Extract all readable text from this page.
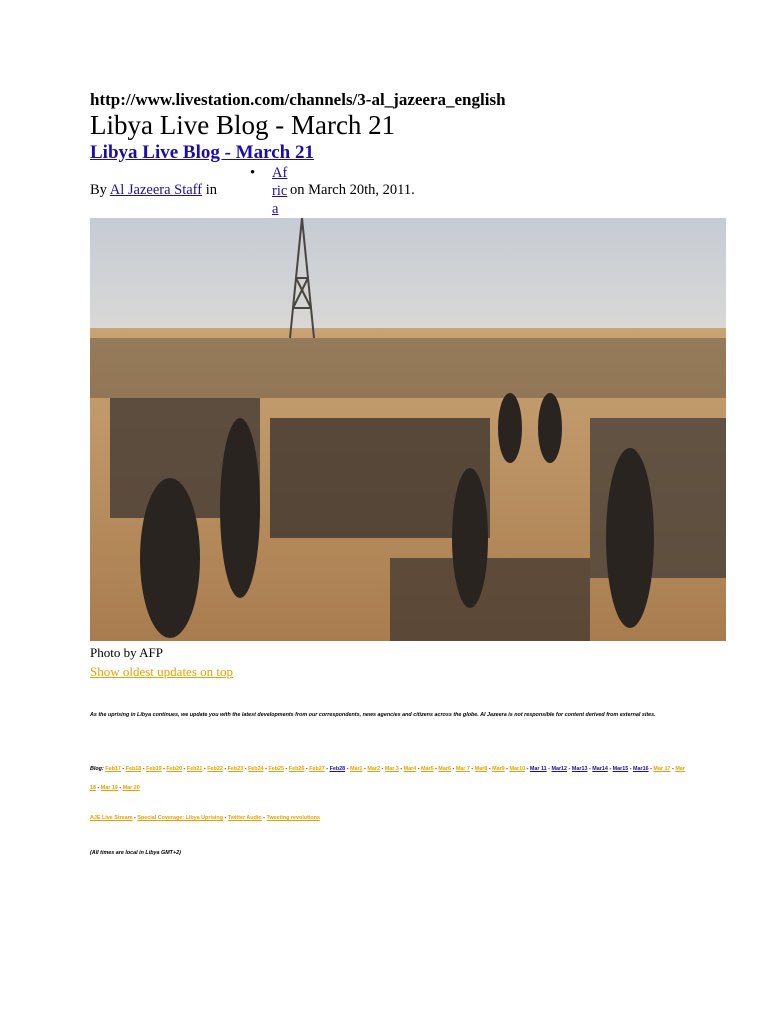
http://www.livestation.com/channels/3-al_jazeera_english
Libya Live Blog - March 21
Libya Live Blog - March 21
By Al Jazeera Staff in
• Africa
on March 20th, 2011.
Photo by AFP
Show oldest updates on top
As the uprising in Libya continues, we update you with the latest developments from our correspondents, news agencies and citizens across the globe. Al Jazeera is not responsible for content derived from external sites.
Blog: Feb17 - Feb18 - Feb19 - Feb20 - Feb21 - Feb22 - Feb23 - Feb24 - Feb25 - Feb26 - Feb27 - Feb28 - Mar1 - Mar2 - Mar 3 - Mar4 - Mar5 - Mar6 - Mar 7 - Mar8 - Mar9 - Mar10 - Mar 11 - Mar12 - Mar13 - Mar14 - Mar15 - Mar16 - Mar 17 - Mar 18 - Mar 19 - Mar 20
AJE Live Stream - Special Coverage: Libya Uprising - Twitter Audio - Tweeting revolutions
(All times are local in Libya GMT+2)
